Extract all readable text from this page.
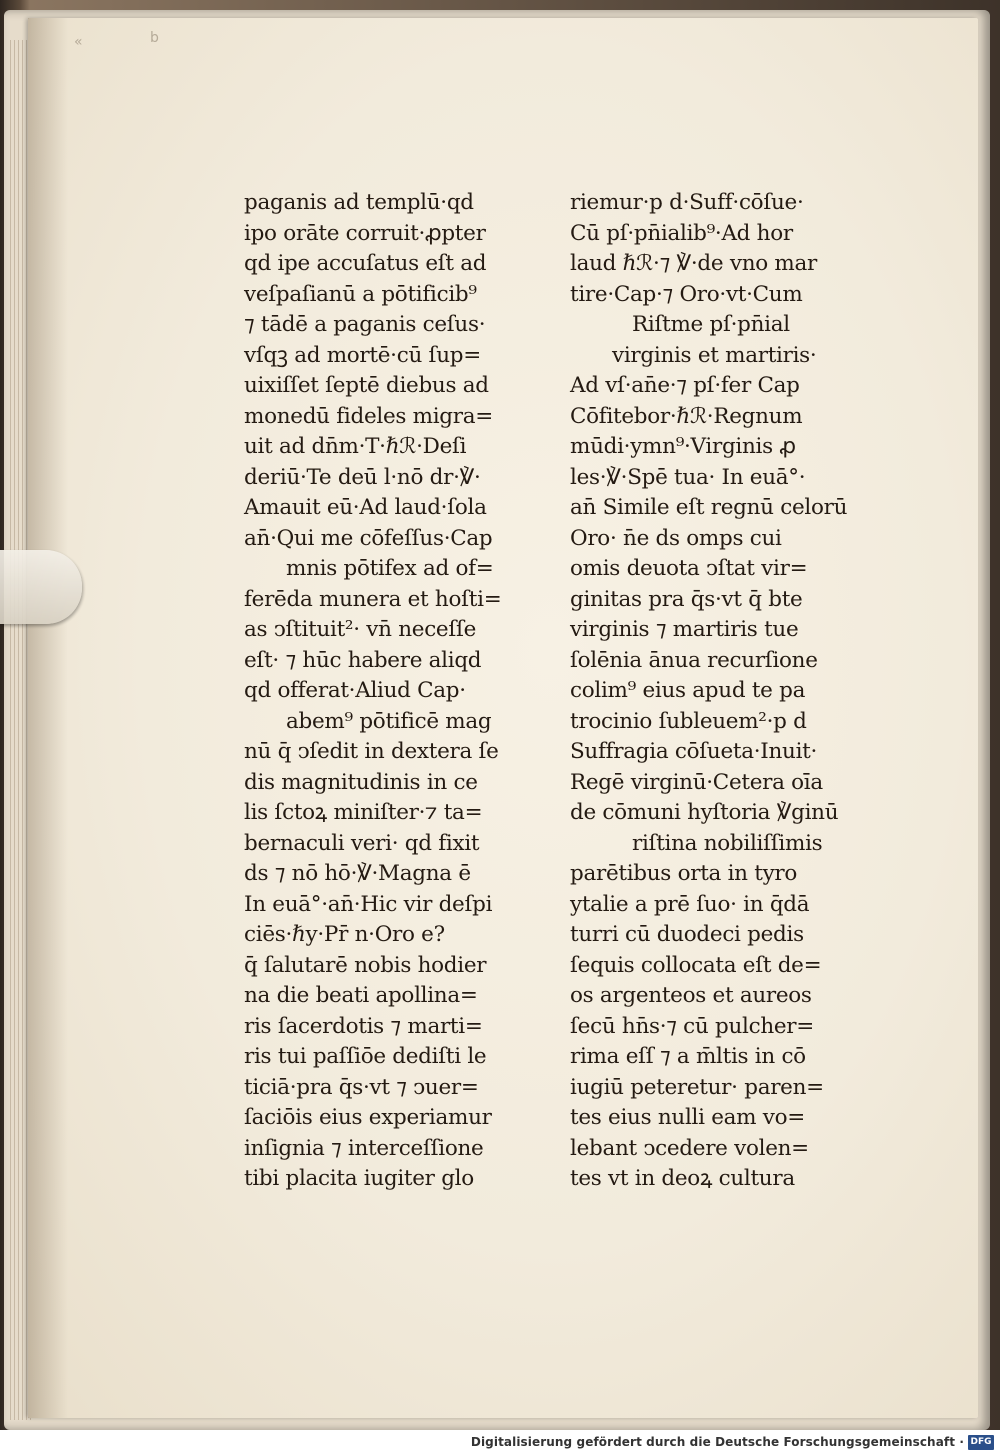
«	b
paganis ad templū·qd
ipo orāte corruit·ꝓpter
qd ipe accuſatus eſt ad
veſpaſianū a pōtificib⁹
⁊ tādē a paganis ceſus·
vſqꝫ ad mortē·cū ſup=
uixiſſet ſeptē diebus ad
monedū fideles migra=
uit ad dn̄m·T·ℏℛ·Deſi
deriū·Te deū l·nō dr·℣·
Amauit eū·Ad laud·ſola
an̄·Qui me cōfeſſus·Cap
mnis pōtifex ad of=
ferēda munera et hoſti=
as ↄſtituit²· vn̄ neceſſe
eſt· ⁊ hūc habere aliqd
qd offerat·Aliud Cap·
abem⁹ pōtificē mag
nū q̄ ↄſedit in dextera ſe
dis magnitudinis in ce
lis ſctoꝝ miniſter·⁊ ta=
bernaculi veri· qd fixit
ds ⁊ nō hō·℣·Magna ē
In euā°·an̄·Hic vir deſpi
ciēs·ℏy·Pr̄ n·Oro e?
q̄ ſalutarē nobis hodier
na die beati apollina=
ris ſacerdotis ⁊ marti=
ris tui paſſiōe dediſti le
ticiā·pra q̄s·vt ⁊ ↄuer=
ſaciōis eius experiamur
inſignia ⁊ interceſſione
tibi placita iugiter glo
riemur·p d·Suff·cōſue·
Cū pſ·pn̄ialib⁹·Ad hor
laud ℏℛ·⁊ ℣·de vno mar
tire·Cap·⁊ Oro·vt·Cum
Riſtme pſ·pn̄ial
virginis et martiris·
Ad vſ·an̄e·⁊ pſ·fer Cap
Cōfitebor·ℏℛ·Regnum
mūdi·ymn⁹·Virginis ꝓ
les·℣·Spē tua· In euā°·
an̄ Simile eſt regnū celorū
Oro· n̄e ds omps cui
omis deuota ↄſtat vir=
ginitas pra q̄s·vt q̄ bte
virginis ⁊ martiris tue
ſolēnia ānua recurſione
colim⁹ eius apud te pa
trocinio ſubleuem²·p d
Suffragia cōſueta·Inuit·
Regē virginū·Cetera oīa
de cōmuni hyſtoria ℣ginū
riſtina nobiliſſimis
parētibus orta in tyro
ytalie a prē ſuo· in q̄dā
turri cū duodeci pedis
ſequis collocata eſt de=
os argenteos et aureos
ſecū hn̄s·⁊ cū pulcher=
rima eſſ ⁊ a m̄ltis in cō
iugiū peteretur· paren=
tes eius nulli eam vo=
lebant ↄcedere volen=
tes vt in deoꝝ cultura
Digitalisierung gefördert durch die Deutsche Forschungsgemeinschaft · DFG
